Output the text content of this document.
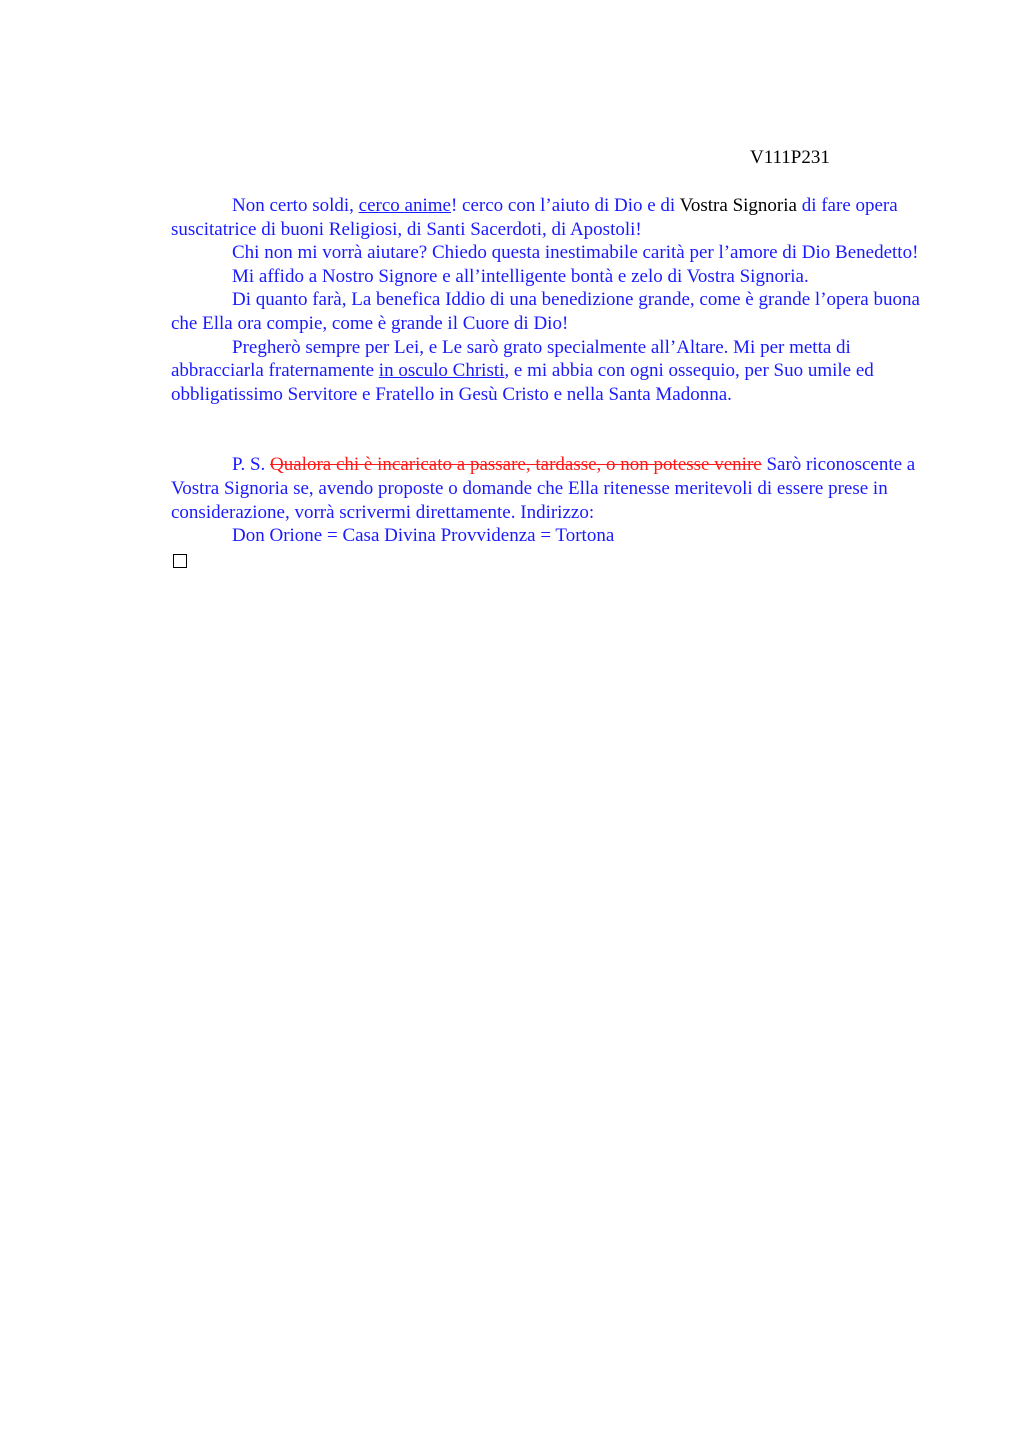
V111P231

Non certo soldi, cerco anime! cerco con l’aiuto di Dio e di Vostra Signoria di fare opera suscitatrice di buoni Religiosi, di Santi Sacerdoti, di Apostoli!

Chi non mi vorrà aiutare? Chiedo questa inestimabile carità per l’amore di Dio Benedetto!

Mi affido a Nostro Signore e all’intelligente bontà e zelo di Vostra Signoria.

Di quanto farà, La benefica Iddio di una benedizione grande, come è grande l’opera buona che Ella ora compie, come è grande il Cuore di Dio!

Pregherò sempre per Lei, e Le sarò grato specialmente all’Altare. Mi per metta di abbracciarla fraternamente in osculo Christi, e mi abbia con ogni ossequio, per Suo umile ed obbligatissimo Servitore e Fratello in Gesù Cristo e nella Santa Madonna.

P. S. Qualora chi è incaricato a passare, tardasse, o non potesse venire Sarò riconoscente a Vostra Signoria se, avendo proposte o domande che Ella ritenesse meritevoli di essere prese in considerazione, vorrà scrivermi direttamente. Indirizzo:

Don Orione = Casa Divina Provvidenza = Tortona
